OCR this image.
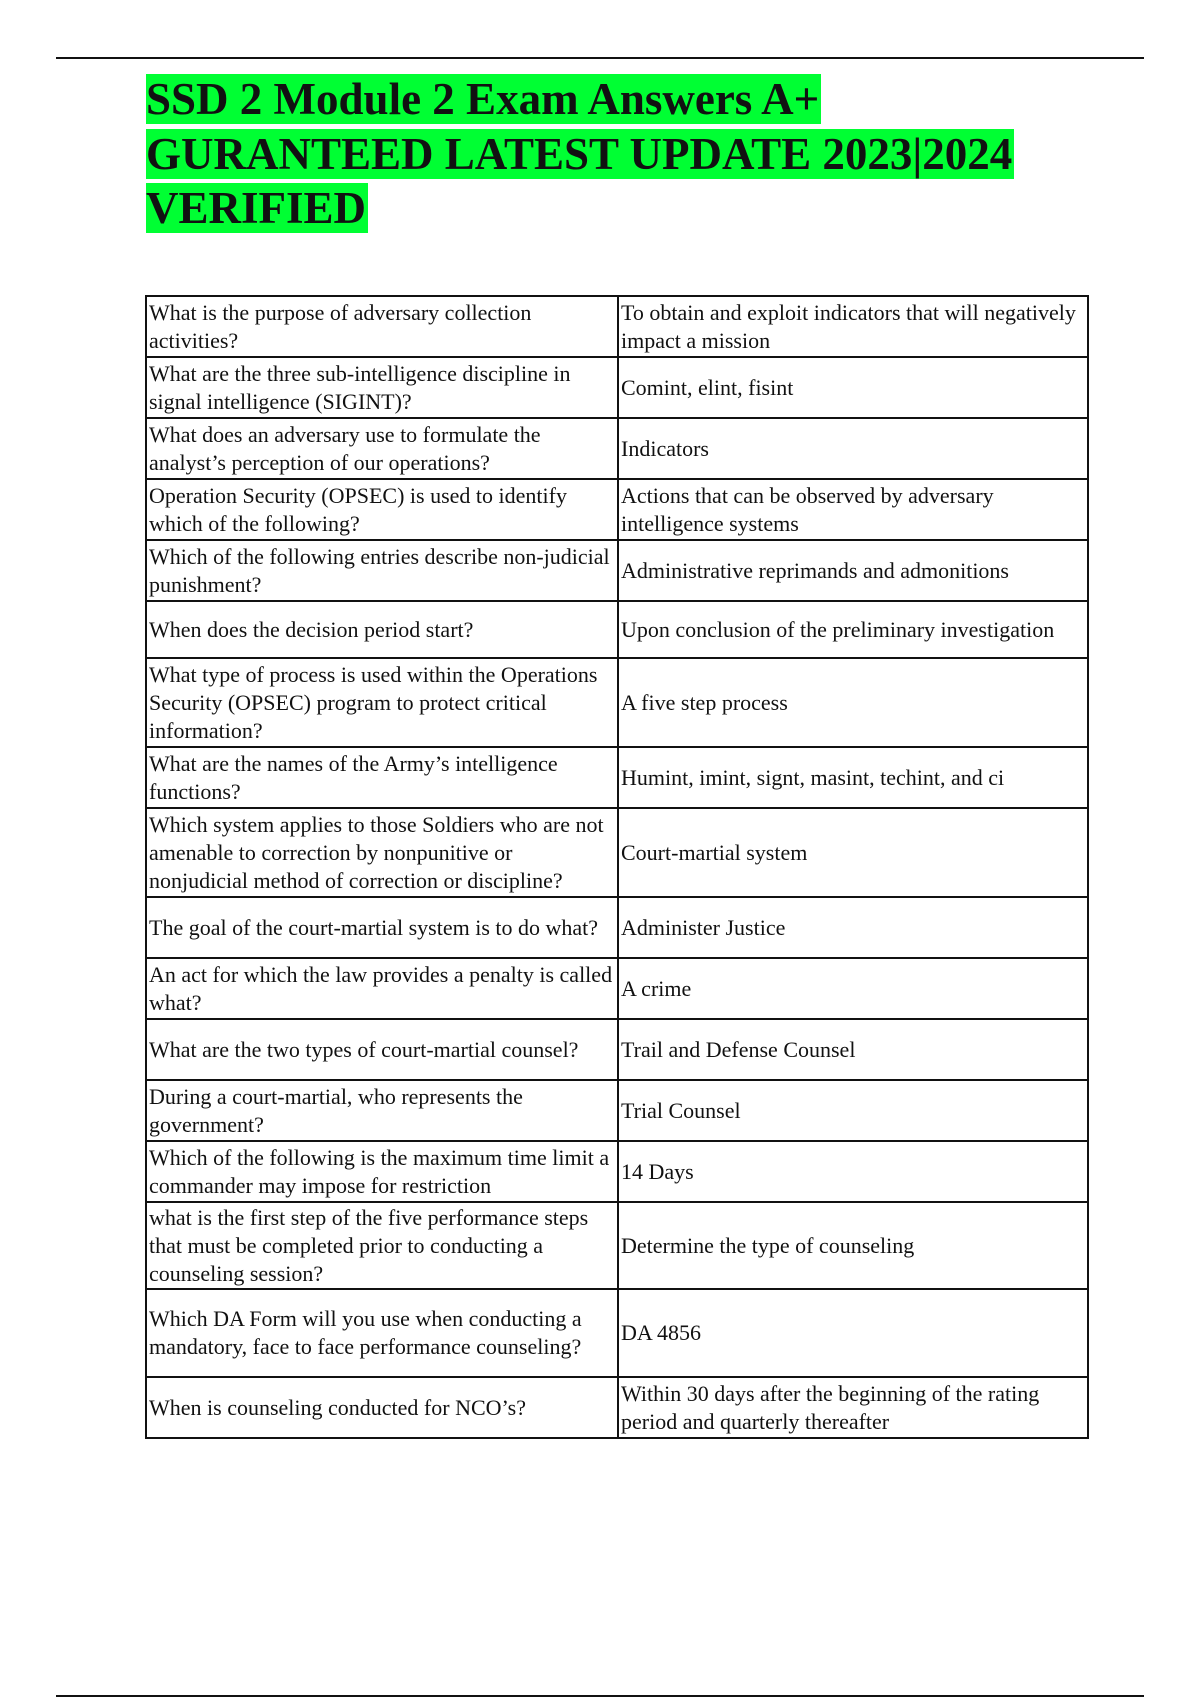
SSD 2 Module 2 Exam Answers A+
GURANTEED LATEST UPDATE 2023|2024
VERIFIED
What is the purpose of adversary collection activities?	To obtain and exploit indicators that will negatively impact a mission
What are the three sub-intelligence discipline in signal intelligence (SIGINT)?	Comint, elint, fisint
What does an adversary use to formulate the analyst’s perception of our operations?	Indicators
Operation Security (OPSEC) is used to identify which of the following?	Actions that can be observed by adversary intelligence systems
Which of the following entries describe non-judicial punishment?	Administrative reprimands and admonitions
When does the decision period start?	Upon conclusion of the preliminary investigation
What type of process is used within the Operations Security (OPSEC) program to protect critical information?	A five step process
What are the names of the Army’s intelligence functions?	Humint, imint, signt, masint, techint, and ci
Which system applies to those Soldiers who are not amenable to correction by nonpunitive or nonjudicial method of correction or discipline?	Court-martial system
The goal of the court-martial system is to do what?	Administer Justice
An act for which the law provides a penalty is called what?	A crime
What are the two types of court-martial counsel?	Trail and Defense Counsel
During a court-martial, who represents the government?	Trial Counsel
Which of the following is the maximum time limit a commander may impose for restriction	14 Days
what is the first step of the five performance steps that must be completed prior to conducting a counseling session?	Determine the type of counseling
Which DA Form will you use when conducting a mandatory, face to face performance counseling?	DA 4856
When is counseling conducted for NCO’s?	Within 30 days after the beginning of the rating period and quarterly thereafter
